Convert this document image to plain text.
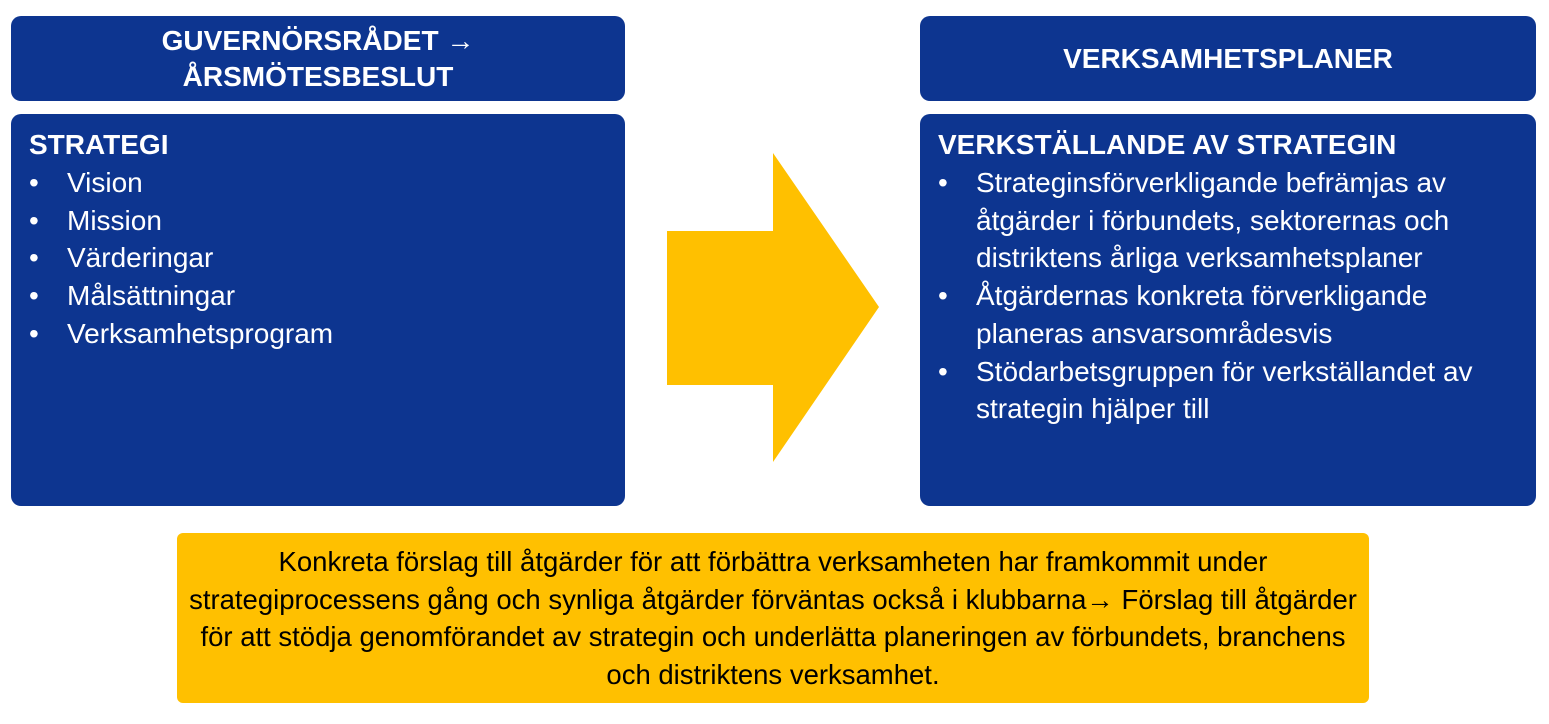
GUVERNÖRSRÅDET →
ÅRSMÖTESBESLUT
VERKSAMHETSPLANER
STRATEGI
• Vision
• Mission
• Värderingar
• Målsättningar
• Verksamhetsprogram
VERKSTÄLLANDE AV STRATEGIN
• Strateginsförverkligande befrämjas av åtgärder i förbundets, sektorernas och distriktens årliga verksamhetsplaner
• Åtgärdernas konkreta förverkligande planeras ansvarsområdesvis
• Stödarbetsgruppen för verkställandet av strategin hjälper till

Konkreta förslag till åtgärder för att förbättra verksamheten har framkommit under strategiprocessens gång och synliga åtgärder förväntas också i klubbarna→ Förslag till åtgärder för att stödja genomförandet av strategin och underlätta planeringen av förbundets, branchens och distriktens verksamhet.
